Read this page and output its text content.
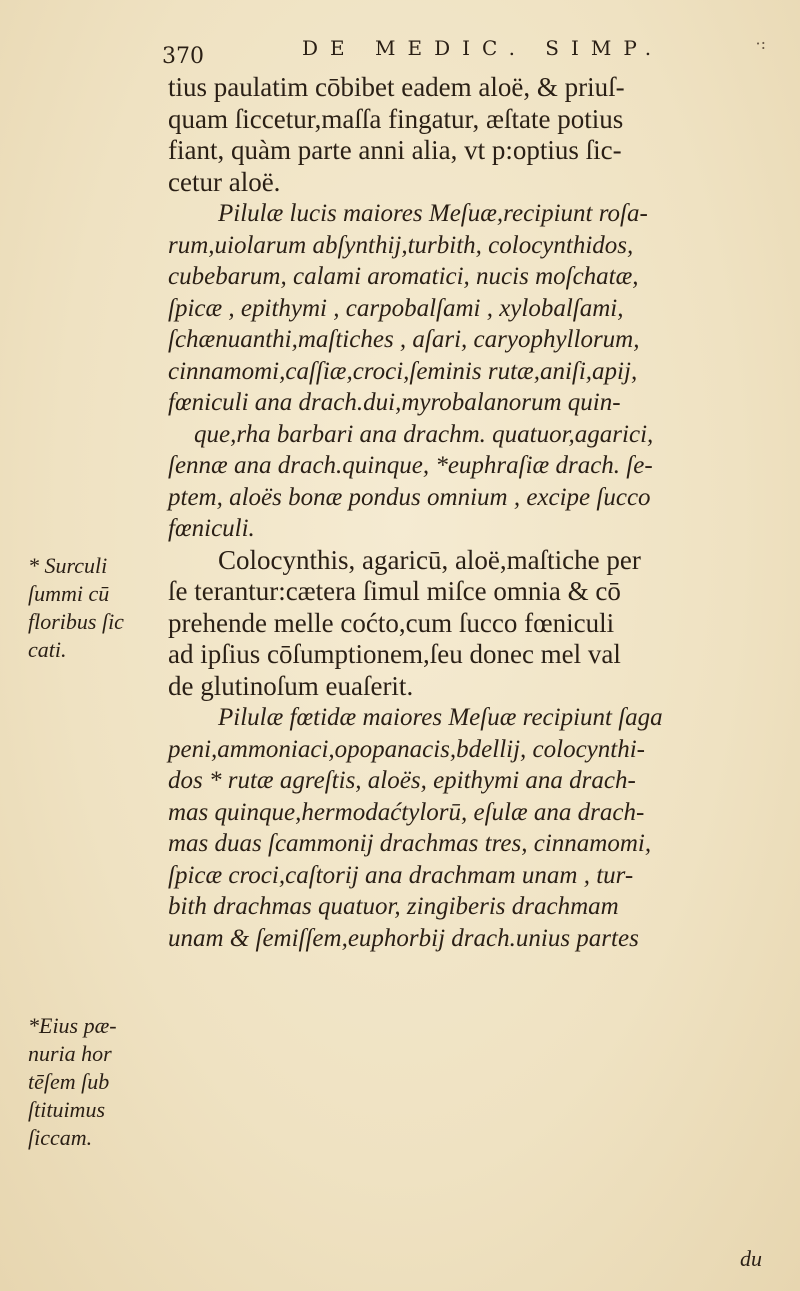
370	DE MEDIC. SIMP.	·:
tius paulatim cōbibet eadem aloë, & priuſ-
quam ſiccetur,maſſa fingatur, æſtate potius
fiant, quàm parte anni alia, vt p:optius ſic-
cetur aloë.
Pilulæ lucis maiores Meſuæ,recipiunt roſa-
rum,uiolarum abſynthij,turbith, colocynthidos,
cubebarum, calami aromatici, nucis moſchatæ,
ſpicæ , epithymi , carpobalſami , xylobalſami,
ſchænuanthi,maſtiches , aſari, caryophyllorum,
cinnamomi,caſſiæ,croci,ſeminis rutæ,aniſi,apij,
fœniculi ana drach.dui,myrobalanorum quin-
que,rha barbari ana drachm. quatuor,agarici,
ſennæ ana drach.quinque, *euphraſiæ drach. ſe-
ptem, aloës bonæ pondus omnium , excipe ſucco
fœniculi.
Colocynthis, agaricū, aloë,maſtiche per
ſe terantur:cætera ſimul miſce omnia & cō
prehende melle coćto,cum ſucco fœniculi
ad ipſius cōſumptionem,ſeu donec mel val
de glutinoſum euaſerit.
Pilulæ fœtidæ maiores Meſuæ recipiunt ſaga
peni,ammoniaci,opopanacis,bdellij, colocynthi-
dos * rutæ agreſtis, aloës, epithymi ana drach-
mas quinque,hermodaćtylorū, eſulæ ana drach-
mas duas ſcammonij drachmas tres, cinnamomi,
ſpicæ croci,caſtorij ana drachmam unam , tur-
bith drachmas quatuor, zingiberis drachmam
unam & ſemiſſem,euphorbij drach.unius partes
* Surculi
ſummi cū
floribus ſic
cati.
*Eius pæ-
nuria hor
tēſem ſub
ſtituimus
ſiccam.
du
